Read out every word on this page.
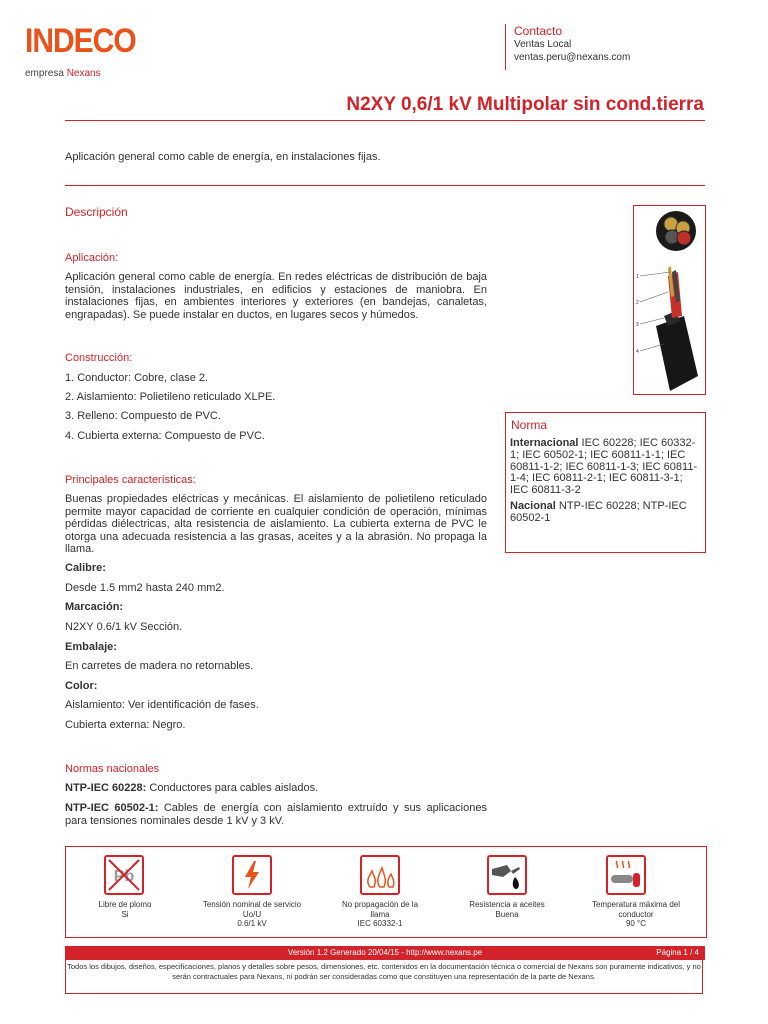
INDECO
empresa Nexans
Contacto
Ventas Local
ventas.peru@nexans.com
N2XY 0,6/1 kV Multipolar sin cond.tierra
Aplicación general como cable de energía, en instalaciones fijas.
Descripción
Aplicación:
Aplicación general como cable de energía. En redes eléctricas de distribución de baja tensión, instalaciones industriales, en edificios y estaciones de maniobra. En instalaciones fijas, en ambientes interiores y exteriores (en bandejas, canaletas, engrapadas). Se puede instalar en ductos, en lugares secos y húmedos.
Construcción:
1. Conductor: Cobre, clase 2.
2. Aislamiento: Polietileno reticulado XLPE.
3. Relleno: Compuesto de PVC.
4. Cubierta externa: Compuesto de PVC.
Principales características:
Buenas propiedades eléctricas y mecánicas. El aislamiento de polietileno reticulado permite mayor capacidad de corriente en cualquier condición de operación, mínimas pérdidas diélectricas, alta resistencia de aislamiento. La cubierta externa de PVC le otorga una adecuada resistencia a las grasas, aceites y a la abrasión. No propaga la llama.
Calibre:
Desde 1.5 mm2 hasta 240 mm2.
Marcación:
N2XY 0.6/1 kV Sección.
Embalaje:
En carretes de madera no retornables.
Color:
Aislamiento: Ver identificación de fases.
Cubierta externa: Negro.
Normas nacionales
NTP-IEC 60228: Conductores para cables aislados.
NTP-IEC 60502-1: Cables de energía con aislamiento extruído y sus aplicaciones para tensiones nominales desde 1 kV y 3 kV.
1
2
3
4
Norma
Internacional IEC 60228; IEC 60332-1; IEC 60502-1; IEC 60811-1-1; IEC 60811-1-2; IEC 60811-1-3; IEC 60811-1-4; IEC 60811-2-1; IEC 60811-3-1; IEC 60811-3-2
Nacional NTP-IEC 60228; NTP-IEC 60502-1
Pb
Libre de plomo
Si
Tensión nominal de servicio
Uo/U
0.6/1 kV
No propagación de la
llama
IEC 60332-1
Resistencia a aceites
Buena
Temperatura máxima del
conductor
90 °C
Versión 1.2 Generado 20/04/15 - http://www.nexans.pe	Página 1 / 4
Todos los dibujos, diseños, especificaciones, planos y detalles sobre pesos, dimensiones, etc. contenidos en la documentación técnica o comercial de Nexans son puramente indicativos, y no serán contractuales para Nexans, ni podrán ser consideradas como que constituyen una representación de la parte de Nexans.
